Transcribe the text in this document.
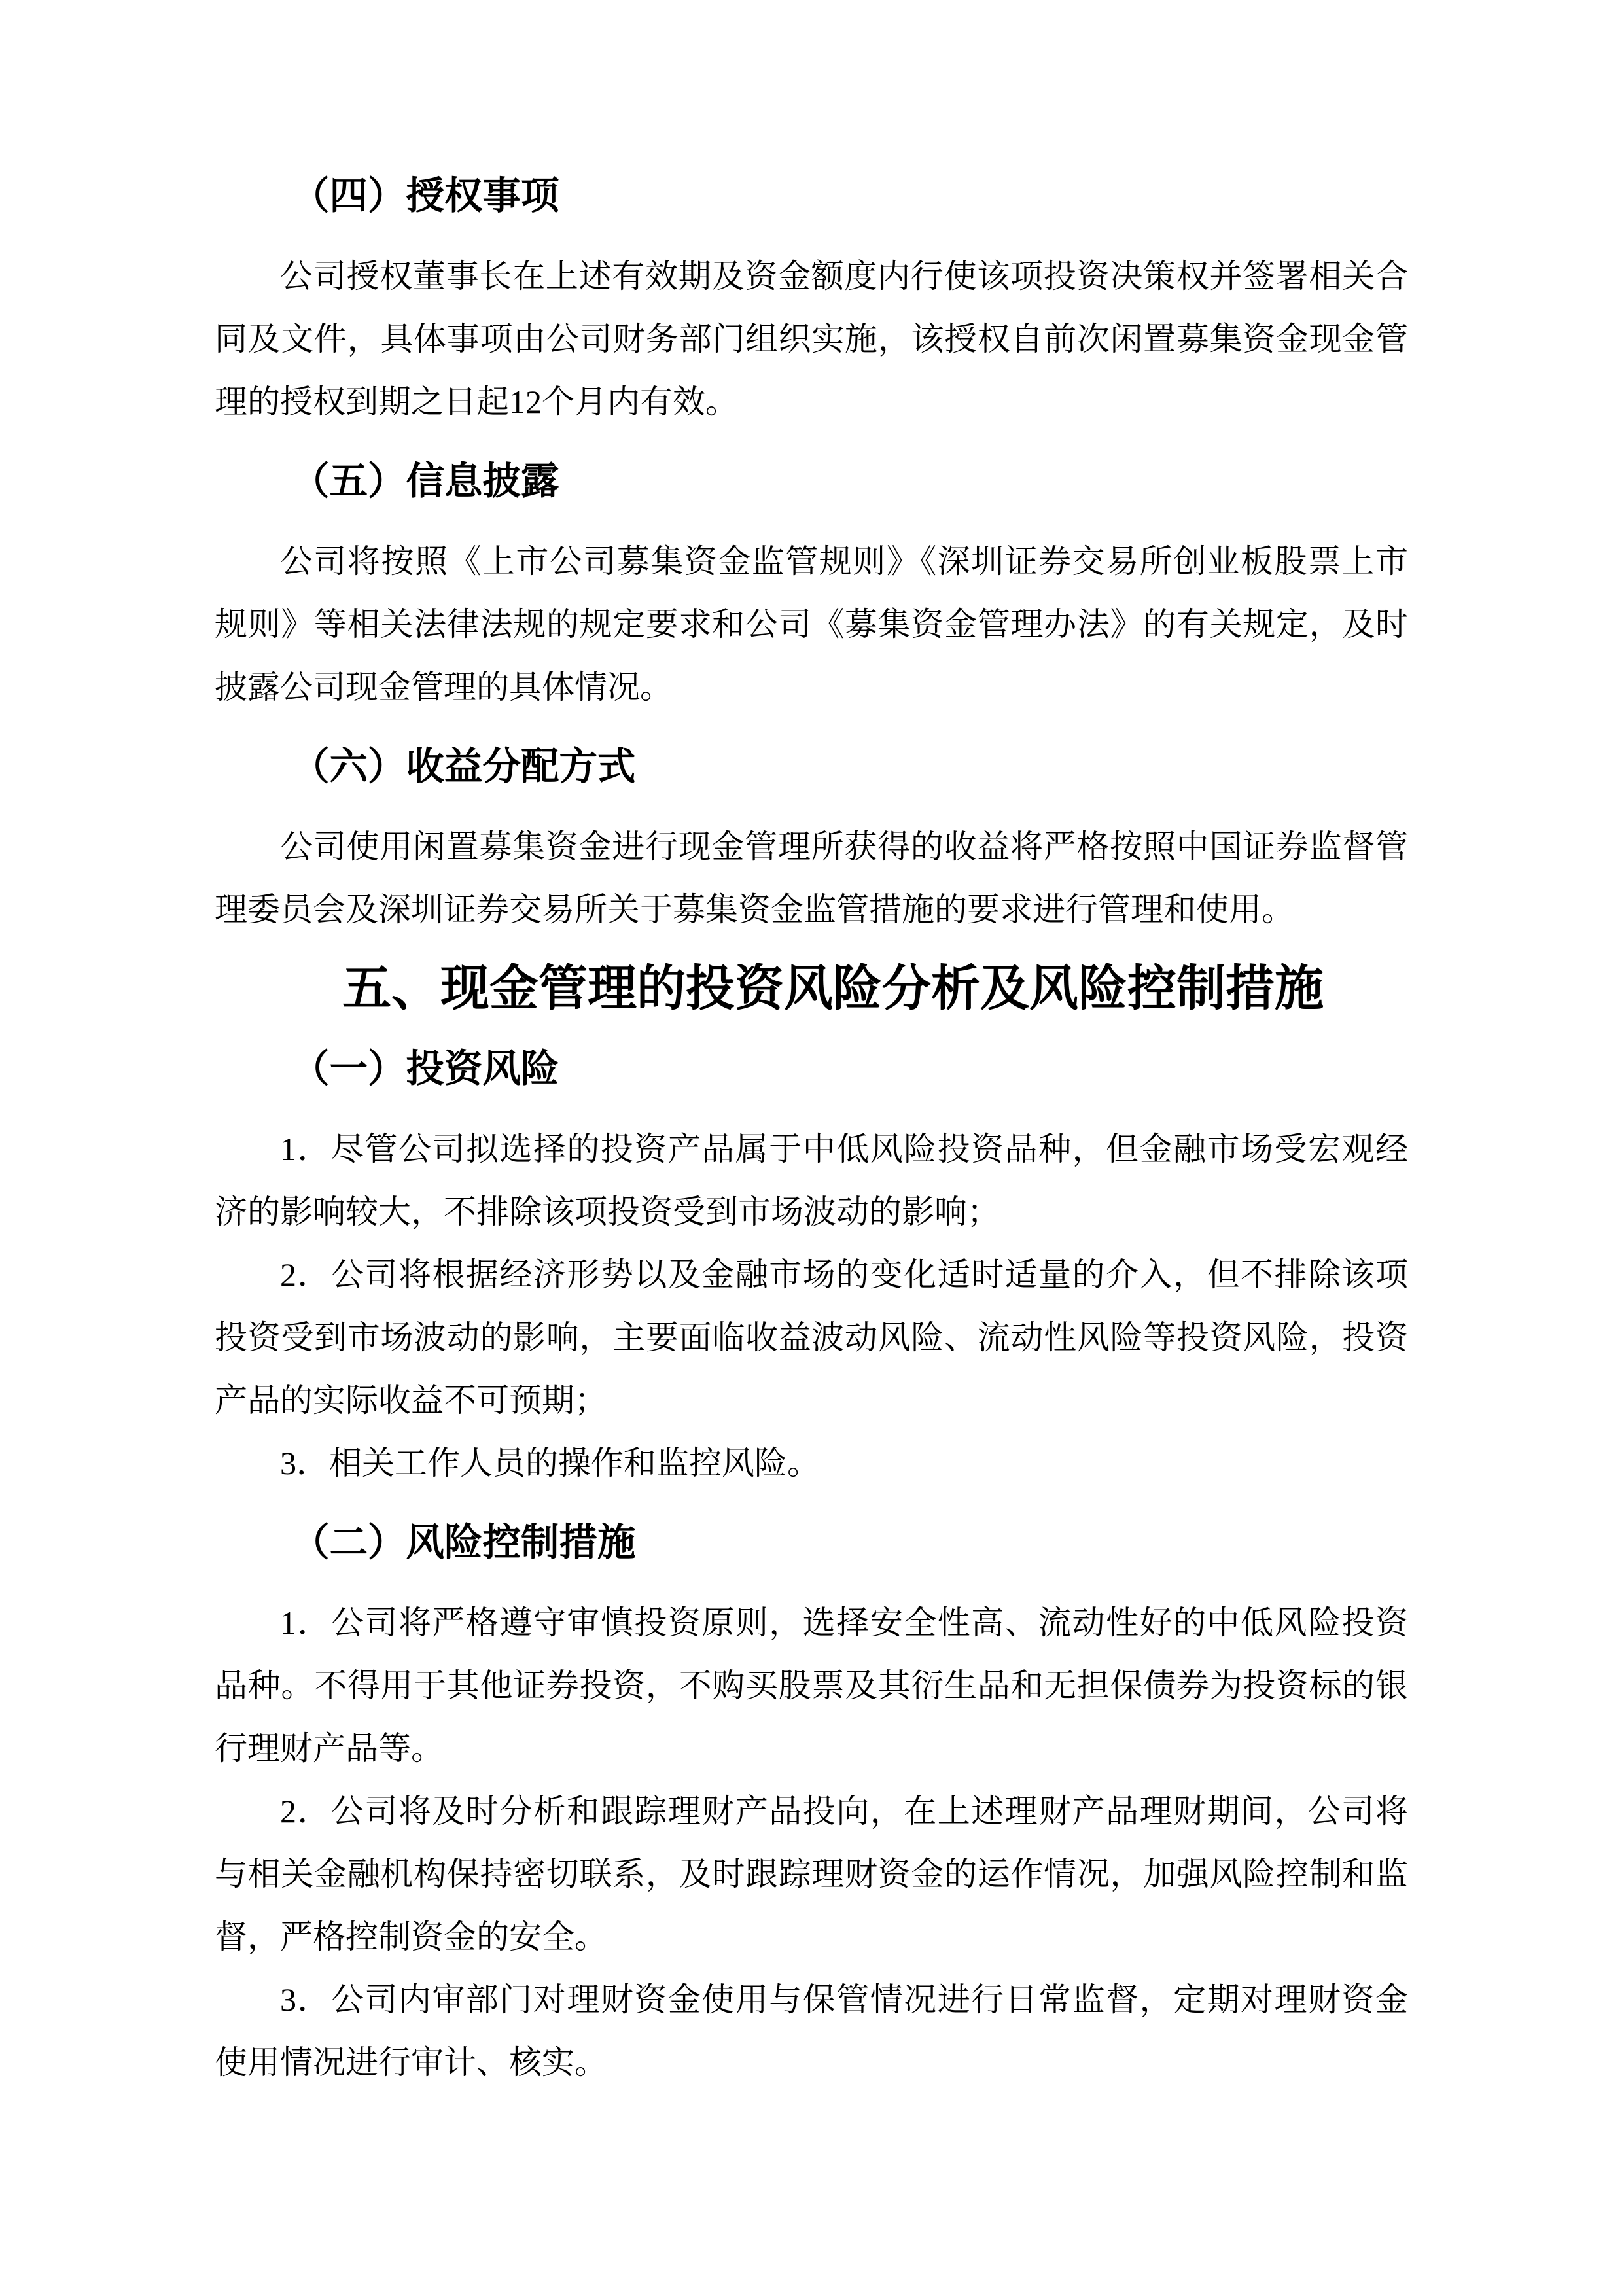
（四）授权事项

公司授权董事长在上述有效期及资金额度内行使该项投资决策权并签署相关合同及文件，具体事项由公司财务部门组织实施，该授权自前次闲置募集资金现金管理的授权到期之日起12个月内有效。

（五）信息披露

公司将按照《上市公司募集资金监管规则》《深圳证券交易所创业板股票上市规则》等相关法律法规的规定要求和公司《募集资金管理办法》的有关规定，及时披露公司现金管理的具体情况。

（六）收益分配方式

公司使用闲置募集资金进行现金管理所获得的收益将严格按照中国证券监督管理委员会及深圳证券交易所关于募集资金监管措施的要求进行管理和使用。

五、现金管理的投资风险分析及风险控制措施
（一）投资风险

1．尽管公司拟选择的投资产品属于中低风险投资品种，但金融市场受宏观经济的影响较大，不排除该项投资受到市场波动的影响；

2．公司将根据经济形势以及金融市场的变化适时适量的介入，但不排除该项投资受到市场波动的影响，主要面临收益波动风险、流动性风险等投资风险，投资产品的实际收益不可预期；

3．相关工作人员的操作和监控风险。

（二）风险控制措施

1．公司将严格遵守审慎投资原则，选择安全性高、流动性好的中低风险投资品种。不得用于其他证券投资，不购买股票及其衍生品和无担保债券为投资标的银行理财产品等。

2．公司将及时分析和跟踪理财产品投向，在上述理财产品理财期间，公司将与相关金融机构保持密切联系，及时跟踪理财资金的运作情况，加强风险控制和监督，严格控制资金的安全。

3．公司内审部门对理财资金使用与保管情况进行日常监督，定期对理财资金使用情况进行审计、核实。
